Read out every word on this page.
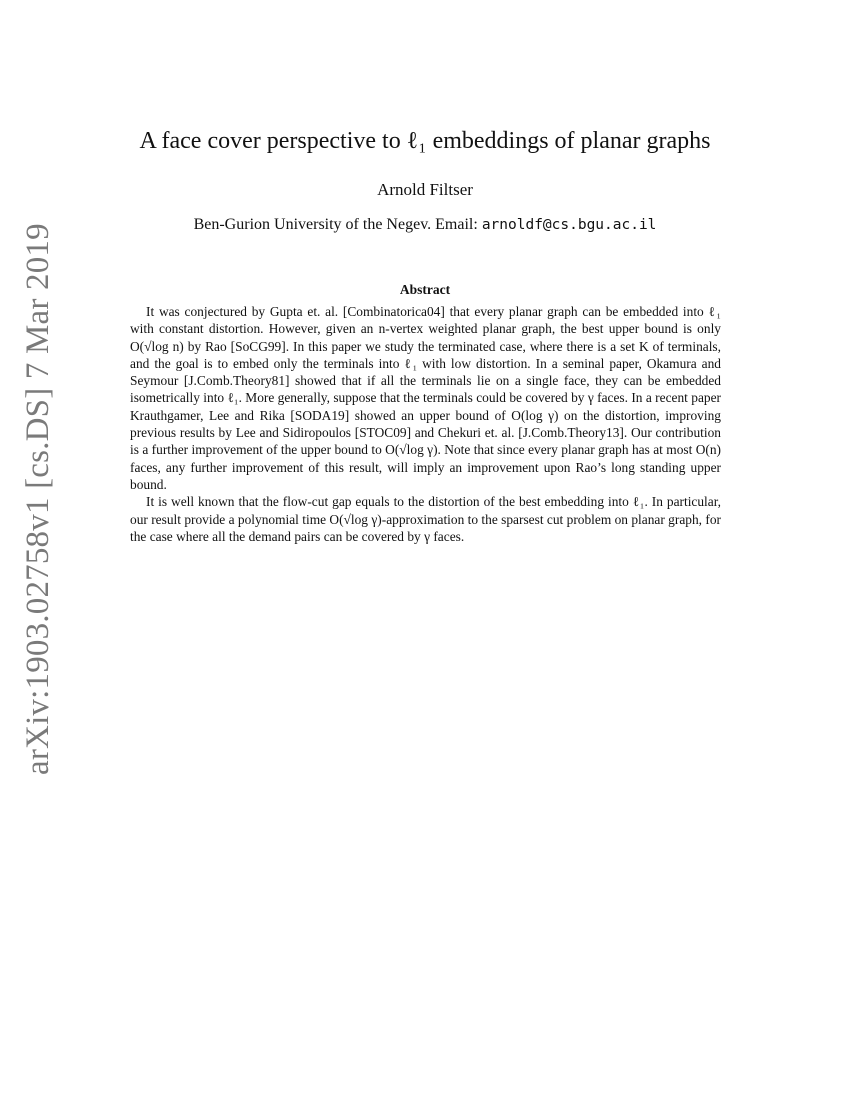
arXiv:1903.02758v1 [cs.DS] 7 Mar 2019
A face cover perspective to ℓ₁ embeddings of planar graphs
Arnold Filtser
Ben-Gurion University of the Negev. Email: arnoldf@cs.bgu.ac.il
Abstract

It was conjectured by Gupta et. al. [Combinatorica04] that every planar graph can be embedded into ℓ₁ with constant distortion. However, given an n-vertex weighted planar graph, the best upper bound is only O(√log n) by Rao [SoCG99]. In this paper we study the terminated case, where there is a set K of terminals, and the goal is to embed only the terminals into ℓ₁ with low distortion. In a seminal paper, Okamura and Seymour [J.Comb.Theory81] showed that if all the terminals lie on a single face, they can be embedded isometrically into ℓ₁. More generally, suppose that the terminals could be covered by γ faces. In a recent paper Krauthgamer, Lee and Rika [SODA19] showed an upper bound of O(log γ) on the distortion, improving previous results by Lee and Sidiropoulos [STOC09] and Chekuri et. al. [J.Comb.Theory13]. Our contribution is a further improvement of the upper bound to O(√log γ). Note that since every planar graph has at most O(n) faces, any further improvement of this result, will imply an improvement upon Rao’s long standing upper bound.

It is well known that the flow-cut gap equals to the distortion of the best embedding into ℓ₁. In particular, our result provide a polynomial time O(√log γ)-approximation to the sparsest cut problem on planar graph, for the case where all the demand pairs can be covered by γ faces.
